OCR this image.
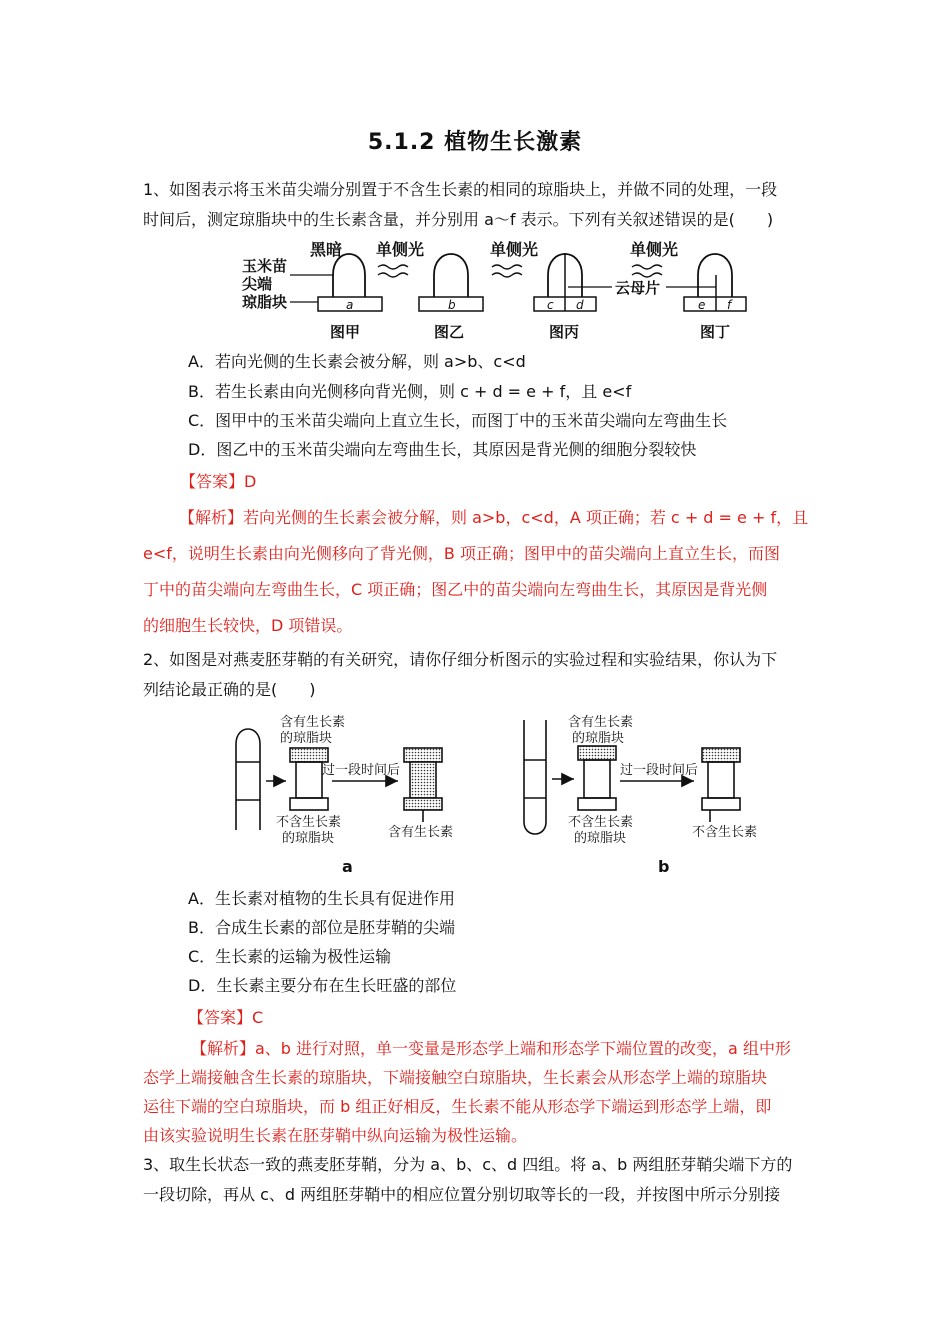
5.1.2 植物生长激素
1、如图表示将玉米苗尖端分别置于不含生长素的相同的琼脂块上，并做不同的处理，一段
时间后，测定琼脂块中的生长素含量，并分别用 a～f 表示。下列有关叙述错误的是(　　)
玉米苗
尖端
琼脂块
黑暗
a
图甲
单侧光
b
图乙
单侧光
c d
图丙
云母片
单侧光
e f
图丁
A．若向光侧的生长素会被分解，则 a>b、c<d
B．若生长素由向光侧移向背光侧，则 c + d = e + f，且 e<f
C．图甲中的玉米苗尖端向上直立生长，而图丁中的玉米苗尖端向左弯曲生长
D．图乙中的玉米苗尖端向左弯曲生长，其原因是背光侧的细胞分裂较快
【答案】D
【解析】若向光侧的生长素会被分解，则 a>b，c<d，A 项正确；若 c + d = e + f，且
e<f，说明生长素由向光侧移向了背光侧，B 项正确；图甲中的苗尖端向上直立生长，而图
丁中的苗尖端向左弯曲生长，C 项正确；图乙中的苗尖端向左弯曲生长，其原因是背光侧
的细胞生长较快，D 项错误。
2、如图是对燕麦胚芽鞘的有关研究，请你仔细分析图示的实验过程和实验结果，你认为下
列结论最正确的是(　　)
含有生长素
的琼脂块
不含生长素
的琼脂块
过一段时间后
含有生长素
a
含有生长素
的琼脂块
不含生长素
的琼脂块
过一段时间后
不含生长素
b
A．生长素对植物的生长具有促进作用
B．合成生长素的部位是胚芽鞘的尖端
C．生长素的运输为极性运输
D．生长素主要分布在生长旺盛的部位
【答案】C
【解析】a、b 进行对照，单一变量是形态学上端和形态学下端位置的改变，a 组中形
态学上端接触含生长素的琼脂块，下端接触空白琼脂块，生长素会从形态学上端的琼脂块
运往下端的空白琼脂块，而 b 组正好相反，生长素不能从形态学下端运到形态学上端，即
由该实验说明生长素在胚芽鞘中纵向运输为极性运输。
3、取生长状态一致的燕麦胚芽鞘，分为 a、b、c、d 四组。将 a、b 两组胚芽鞘尖端下方的
一段切除，再从 c、d 两组胚芽鞘中的相应位置分别切取等长的一段，并按图中所示分别接
